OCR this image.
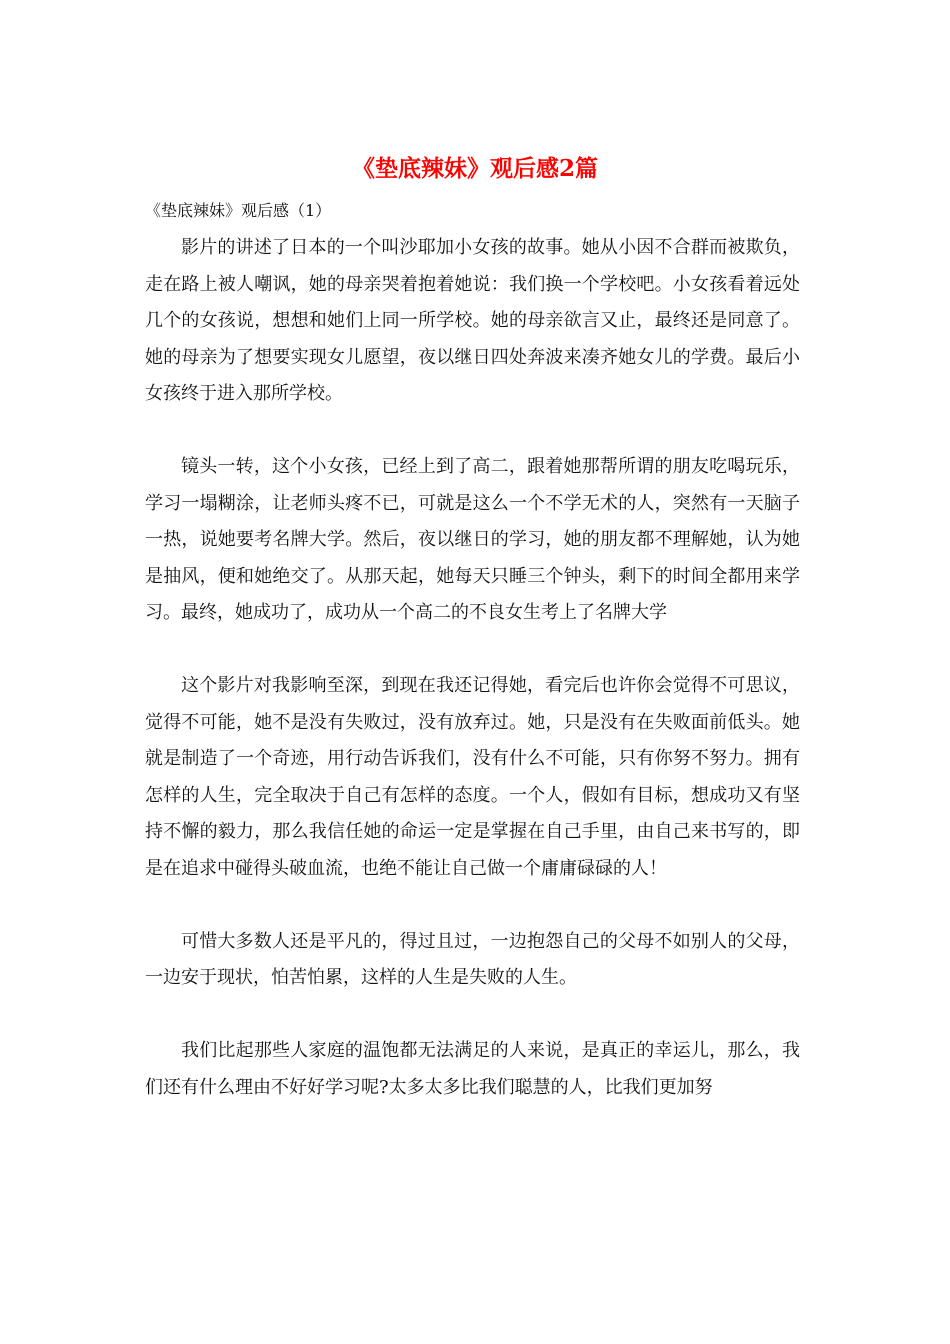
《垫底辣妹》观后感2篇

《垫底辣妹》观后感（1）

影片的讲述了日本的一个叫沙耶加小女孩的故事。她从小因不合群而被欺负，走在路上被人嘲讽，她的母亲哭着抱着她说：我们换一个学校吧。小女孩看着远处几个的女孩说，想想和她们上同一所学校。她的母亲欲言又止，最终还是同意了。她的母亲为了想要实现女儿愿望，夜以继日四处奔波来凑齐她女儿的学费。最后小女孩终于进入那所学校。

镜头一转，这个小女孩，已经上到了高二，跟着她那帮所谓的朋友吃喝玩乐，学习一塌糊涂，让老师头疼不已，可就是这么一个不学无术的人，突然有一天脑子一热，说她要考名牌大学。然后，夜以继日的学习，她的朋友都不理解她，认为她是抽风，便和她绝交了。从那天起，她每天只睡三个钟头，剩下的时间全都用来学习。最终，她成功了，成功从一个高二的不良女生考上了名牌大学

这个影片对我影响至深，到现在我还记得她，看完后也许你会觉得不可思议，觉得不可能，她不是没有失败过，没有放弃过。她，只是没有在失败面前低头。她就是制造了一个奇迹，用行动告诉我们，没有什么不可能，只有你努不努力。拥有怎样的人生，完全取决于自己有怎样的态度。一个人，假如有目标，想成功又有坚持不懈的毅力，那么我信任她的命运一定是掌握在自己手里，由自己来书写的，即是在追求中碰得头破血流，也绝不能让自己做一个庸庸碌碌的人！

可惜大多数人还是平凡的，得过且过，一边抱怨自己的父母不如别人的父母，一边安于现状，怕苦怕累，这样的人生是失败的人生。

我们比起那些人家庭的温饱都无法满足的人来说，是真正的幸运儿，那么，我们还有什么理由不好好学习呢?太多太多比我们聪慧的人，比我们更加努
